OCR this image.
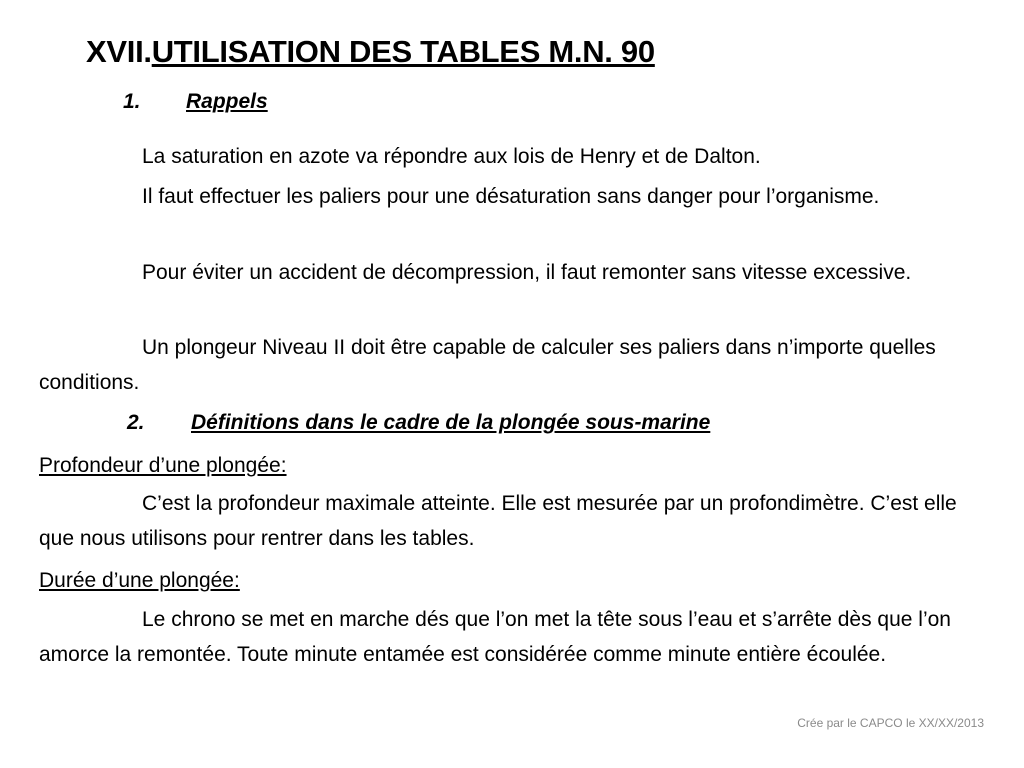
XVII.UTILISATION DES TABLES M.N. 90
1. Rappels
La saturation en azote va répondre aux lois de Henry et de Dalton.
Il faut effectuer les paliers pour une désaturation sans danger pour l’organisme.
Pour éviter un accident de décompression, il faut remonter sans vitesse excessive.
Un plongeur Niveau II doit être capable de calculer ses paliers dans n’importe quelles conditions.
2. Définitions dans le cadre de la plongée sous-marine
Profondeur d’une plongée:
C’est la profondeur maximale atteinte. Elle est mesurée par un profondimètre. C’est elle que nous utilisons pour rentrer dans les tables.
Durée d’une plongée:
Le chrono se met en marche dés que l’on met la tête sous l’eau et s’arrête dès que l’on amorce la remontée. Toute minute entamée est considérée comme minute entière écoulée.
Crée par le CAPCO le XX/XX/2013
